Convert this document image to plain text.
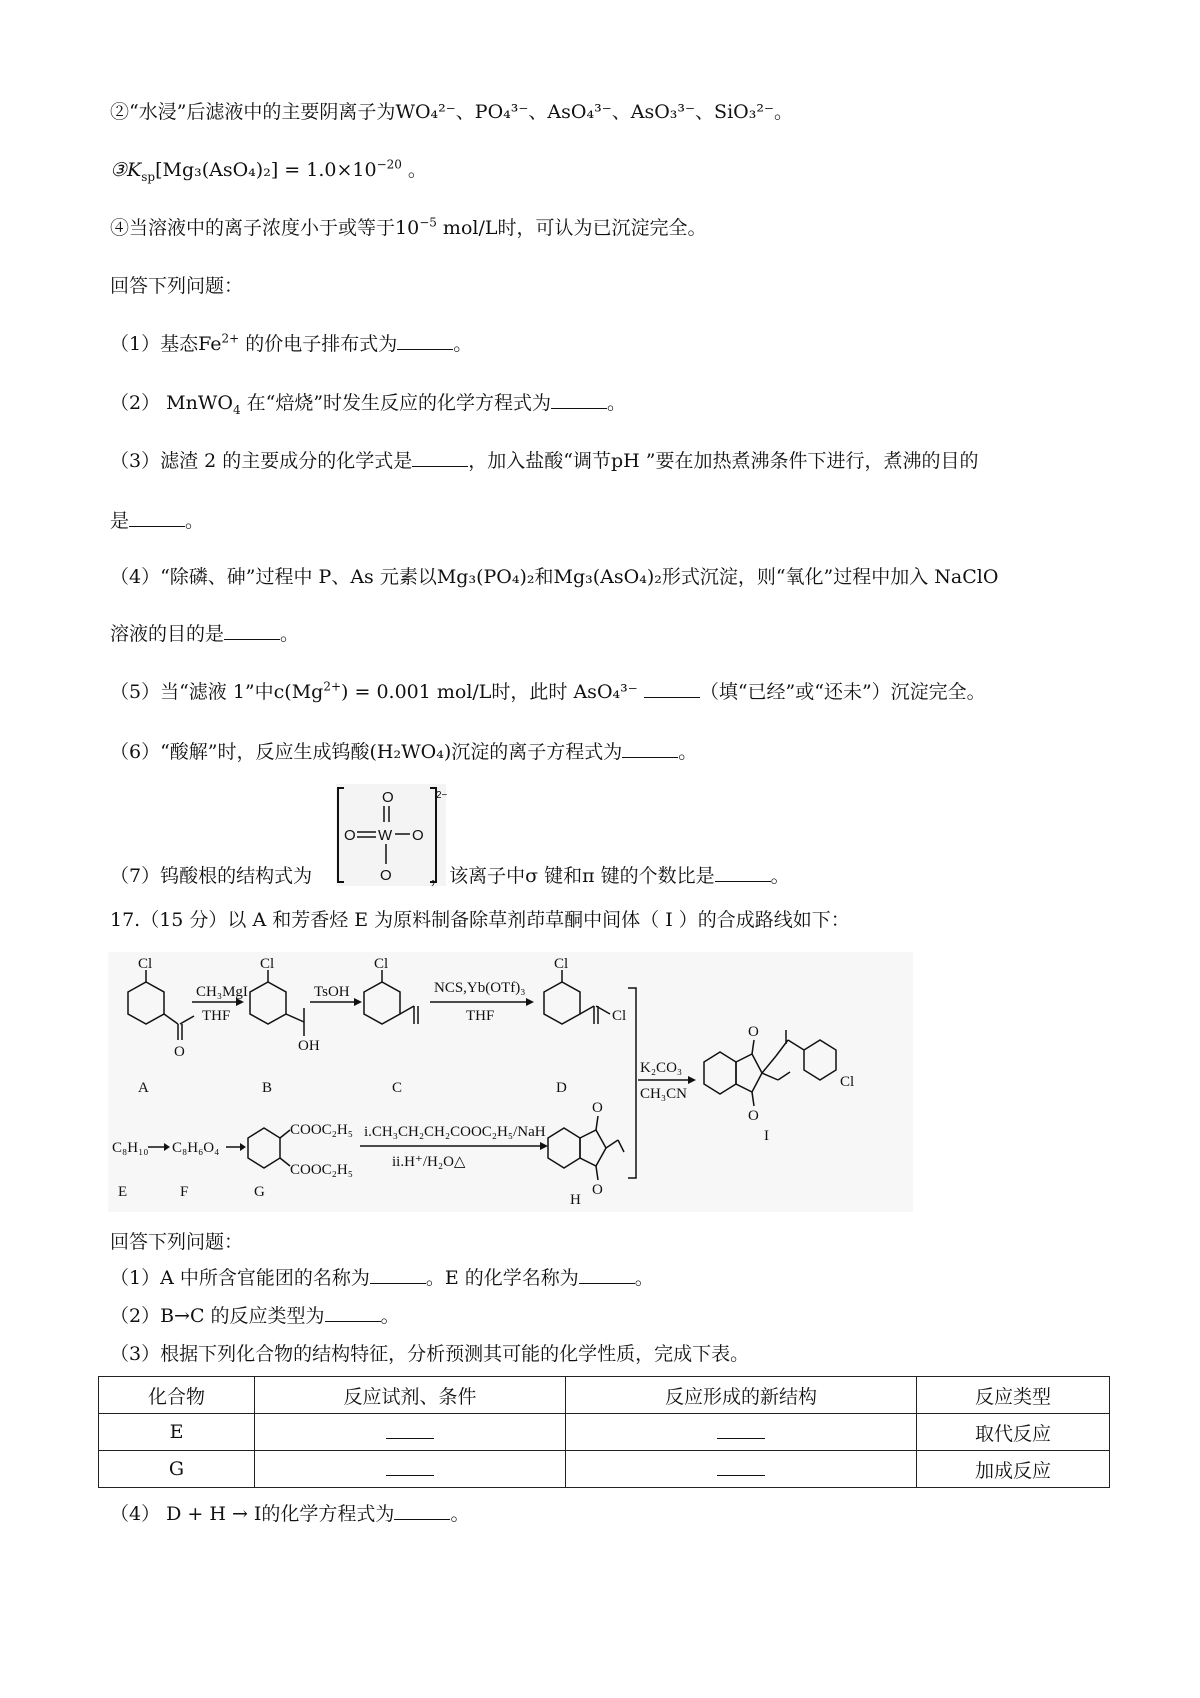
②“水浸”后滤液中的主要阴离子为WO₄²⁻、PO₄³⁻、AsO₄³⁻、AsO₃³⁻、SiO₃²⁻。
$③K_{sp}[Mg_3(AsO_4)_2] = 1.0\times 10^{-20}$ 。
④当溶液中的离子浓度小于或等于$10^{-5}$ mol/L时，可认为已沉淀完全。
回答下列问题：
（1）基态$Fe^{2+}$ 的价电子排布式为	。
（2） MnWO$_4$ 在“焙烧”时发生反应的化学方程式为	。
（3）滤渣 2 的主要成分的化学式是	，加入盐酸“调节pH ”要在加热煮沸条件下进行，煮沸的目的
是	。
（4）“除磷、砷”过程中 P、As 元素以Mg₃(PO₄)₂和Mg₃(AsO₄)₂形式沉淀，则“氧化”过程中加入 NaClO
溶液的目的是	。
（5）当“滤液 1”中$c(Mg^{2+}) = 0.001$ mol/L时，此时 AsO₄³⁻	（填“已经”或“还未”）沉淀完全。
（6）“酸解”时，反应生成钨酸(H₂WO₄)沉淀的离子方程式为	。
2−
O
O W O
O
（7）钨酸根的结构式为	，该离子中σ 键和π 键的个数比是	。
17.（15 分）以 A 和芳香烃 E 为原料制备除草剂茚草酮中间体（ I ）的合成路线如下：
Cl
O
A
CH₃MgI
THF
Cl
OH
B
TsOH
Cl
C
NCS,Yb(OTf)₃
THF
Cl
Cl
D
K₂CO₃
CH₃CN
O
O
Cl
I
C₈H₁₀ C₈H₆O₄
E	F
COOC₂H₅
COOC₂H₅
G
i.CH₃CH₂CH₂COOC₂H₅/NaH
ii.H⁺/H₂O△
O
O
H
回答下列问题：
（1）A 中所含官能团的名称为	。E 的化学名称为	。
（2）B→C 的反应类型为	。
（3）根据下列化合物的结构特征，分析预测其可能的化学性质，完成下表。
化合物	反应试剂、条件	反应形成的新结构	反应类型
E			取代反应
G			加成反应
（4） D + H → I的化学方程式为	。
